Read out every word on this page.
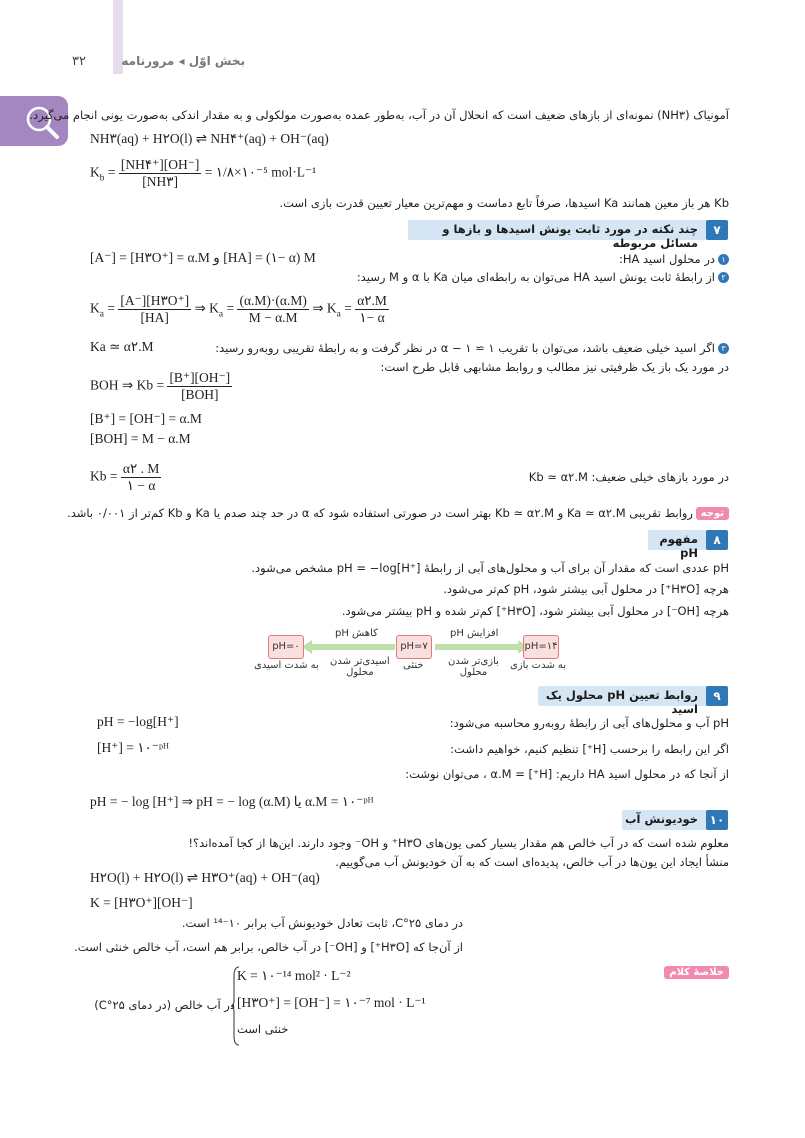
۳۲	بخش اوّل ◂ مرورنامه
آمونیاک (NH۳) نمونه‌ای از بازهای ضعیف است که انحلال آن در آب، به‌طور عمده به‌صورت مولکولی و به مقدار اندکی به‌صورت یونی انجام می‌گیرد.
NH۳(aq) + H۲O(l) ⇌ NH۴⁺(aq) + OH⁻(aq)
$K_b = \frac{[NH۴^+][OH^-]}{[NH۳]}$ = ۱/۸×۱۰⁻⁵ mol·L⁻¹
Kb هر باز معین همانند Ka اسیدها، صرفاً تابع دماست و مهم‌ترین معیار تعیین قدرت بازی است.
۷
چند نکته در مورد ثابت یونش اسیدها و بازها و مسائل مربوطه
۱در محلول اسید HA:
[A⁻] = [H۳O⁺] = α.M و [HA] = (۱− α) M
۲از رابطهٔ ثابت یونش اسید HA می‌توان به رابطه‌ای میان Ka با α و M رسید:
$K_a = \frac{[A^-][H۳O^+]}{[HA]}$ ⇒ $K_a = \frac{(\alpha.M)\cdot(\alpha.M)}{M - \alpha.M}$ ⇒ $K_a = \frac{\alpha ۲.M}{۱- \alpha}$
۳اگر اسید خیلی ضعیف باشد، می‌توان با تقریب ۱ ≃ α − ۱ در نظر گرفت و به رابطهٔ تقریبی روبه‌رو رسید:
Ka ≃ α۲.M
در مورد یک باز یک ظرفیتی نیز مطالب و روابط مشابهی قابل طرح است:
BOH ⇒ $Kb = \frac{[B^+][OH^-]}{\text{[BOH]}}$
[B⁺] = [OH⁻] = α.M
[BOH] = M − α.M
$Kb = \frac{\alpha ۲ . M}{۱ - \alpha}$	در مورد بازهای خیلی ضعیف: Kb ≃ α۲.M
توجه
روابط تقریبی Ka ≃ α۲.M و Kb ≃ α۲.M بهتر است در صورتی استفاده شود که α در حد چند صدم یا Ka و Kb کم‌تر از ۰/۰۰۱ باشد.
۸
مفهوم pH
pH عددی است که مقدار آن برای آب و محلول‌های آبی از رابطهٔ pH = −log[H⁺] مشخص می‌شود.
هرچه [H۳O⁺] در محلول آبی بیشتر شود، pH کم‌تر می‌شود.
هرچه [OH⁻] در محلول آبی بیشتر شود، [H۳O⁺] کم‌تر شده و pH بیشتر می‌شود.
pH=۰	pH=۷	pH=۱۴
کاهش pH	افزایش pH
به شدت اسیدی اسیدی‌تر شدن
محلول
خنثی بازی‌تر شدن
محلول
به شدت بازی
۹
روابط تعیین pH محلول یک اسید
pH آب و محلول‌های آبی از رابطهٔ روبه‌رو محاسبه می‌شود:
pH = −log[H⁺]
اگر این رابطه را برحسب [H⁺] تنظیم کنیم، خواهیم داشت:
[H⁺] = ۱۰⁻ᵖᴴ
از آنجا که در محلول اسید HA داریم: [H⁺] = α.M ، می‌توان نوشت:
pH = − log [H⁺] ⇒ pH = − log (α.M) یا α.M = ۱۰⁻ᵖᴴ
۱۰
خودیونش آب
معلوم شده است که در آب خالص هم مقدار بسیار کمی یون‌های H۳O⁺ و OH⁻ وجود دارند. این‌ها از کجا آمده‌اند؟!
منشأ ایجاد این یون‌ها در آب خالص، پدیده‌ای است که به آن خودیونش آب می‌گوییم.
H۲O(l) + H۲O(l) ⇌ H۳O⁺(aq) + OH⁻(aq)
K = [H۳O⁺][OH⁻]
در دمای ۲۵°C، ثابت تعادل خودیونش آب برابر ۱۰⁻¹⁴ است.
از آن‌جا که [H۳O⁺] و [OH⁻] در آب خالص، برابر هم است، آب خالص خنثی است.
خلاصهٔ کلام
در آب خالص (در دمای ۲۵°C)
K = ۱۰⁻¹⁴ mol² · L⁻²
[H۳O⁺] = [OH⁻] = ۱۰⁻⁷ mol · L⁻¹
خنثی است
